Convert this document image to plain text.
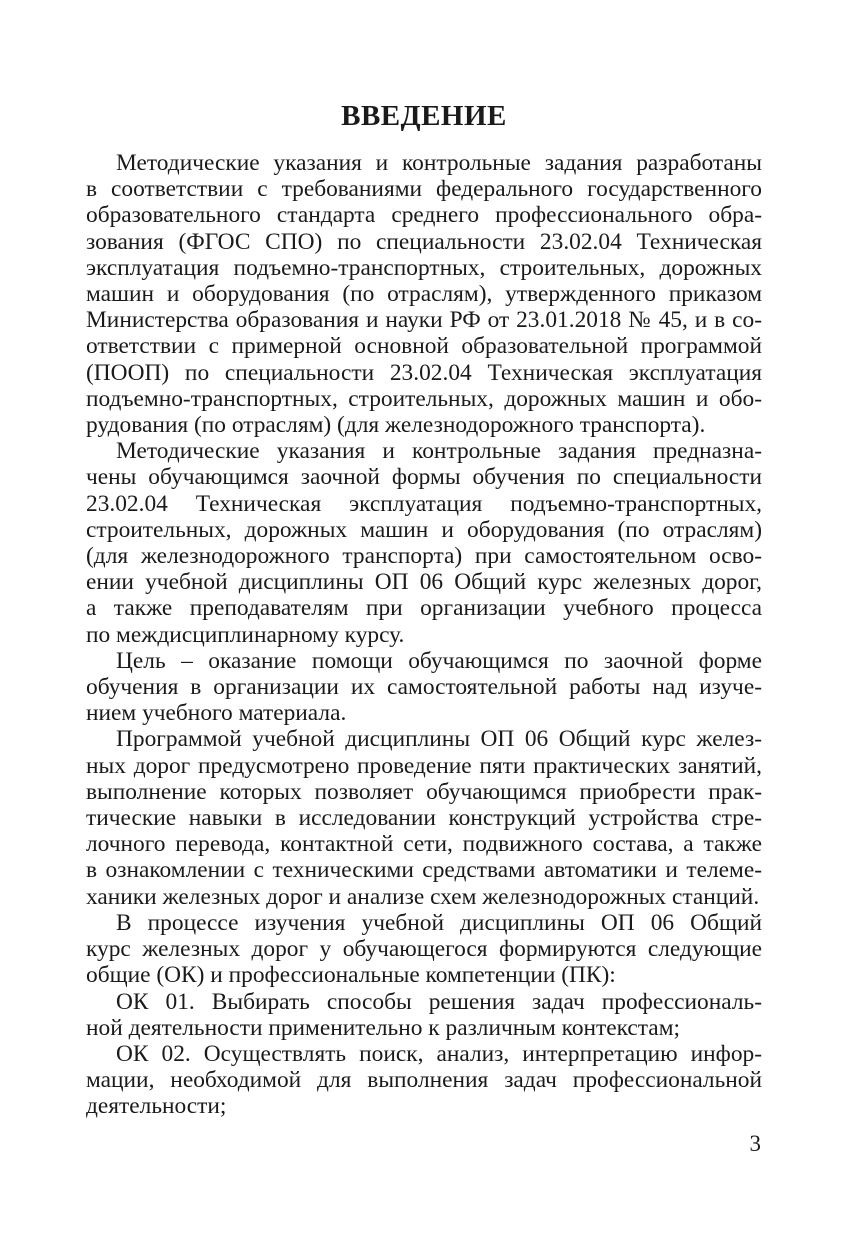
ВВЕДЕНИЕ
Методические указания и контрольные задания разработаны
в соответствии с требованиями федерального государственного
образовательного стандарта среднего профессионального обра-
зования (ФГОС СПО) по специальности 23.02.04 Техническая
эксплуатация подъемно-транспортных, строительных, дорожных
машин и оборудования (по отраслям), утвержденного приказом
Министерства образования и науки РФ от 23.01.2018 № 45, и в со-
ответствии с примерной основной образовательной программой
(ПООП) по специальности 23.02.04 Техническая эксплуатация
подъемно-транспортных, строительных, дорожных машин и обо-
рудования (по отраслям) (для железнодорожного транспорта).
Методические указания и контрольные задания предназна-
чены обучающимся заочной формы обучения по специальности
23.02.04 Техническая эксплуатация подъемно-транспортных,
строительных, дорожных машин и оборудования (по отраслям)
(для железнодорожного транспорта) при самостоятельном осво-
ении учебной дисциплины ОП 06 Общий курс железных дорог,
а также преподавателям при организации учебного процесса
по междисциплинарному курсу.
Цель – оказание помощи обучающимся по заочной форме
обучения в организации их самостоятельной работы над изуче-
нием учебного материала.
Программой учебной дисциплины ОП 06 Общий курс желез-
ных дорог предусмотрено проведение пяти практических занятий,
выполнение которых позволяет обучающимся приобрести прак-
тические навыки в исследовании конструкций устройства стре-
лочного перевода, контактной сети, подвижного состава, а также
в ознакомлении с техническими средствами автоматики и телеме-
ханики железных дорог и анализе схем железнодорожных станций.
В процессе изучения учебной дисциплины ОП 06 Общий
курс железных дорог у обучающегося формируются следующие
общие (ОК) и профессиональные компетенции (ПК):
ОК 01. Выбирать способы решения задач профессиональ-
ной деятельности применительно к различным контекстам;
ОК 02. Осуществлять поиск, анализ, интерпретацию инфор-
мации, необходимой для выполнения задач профессиональной
деятельности;
3
